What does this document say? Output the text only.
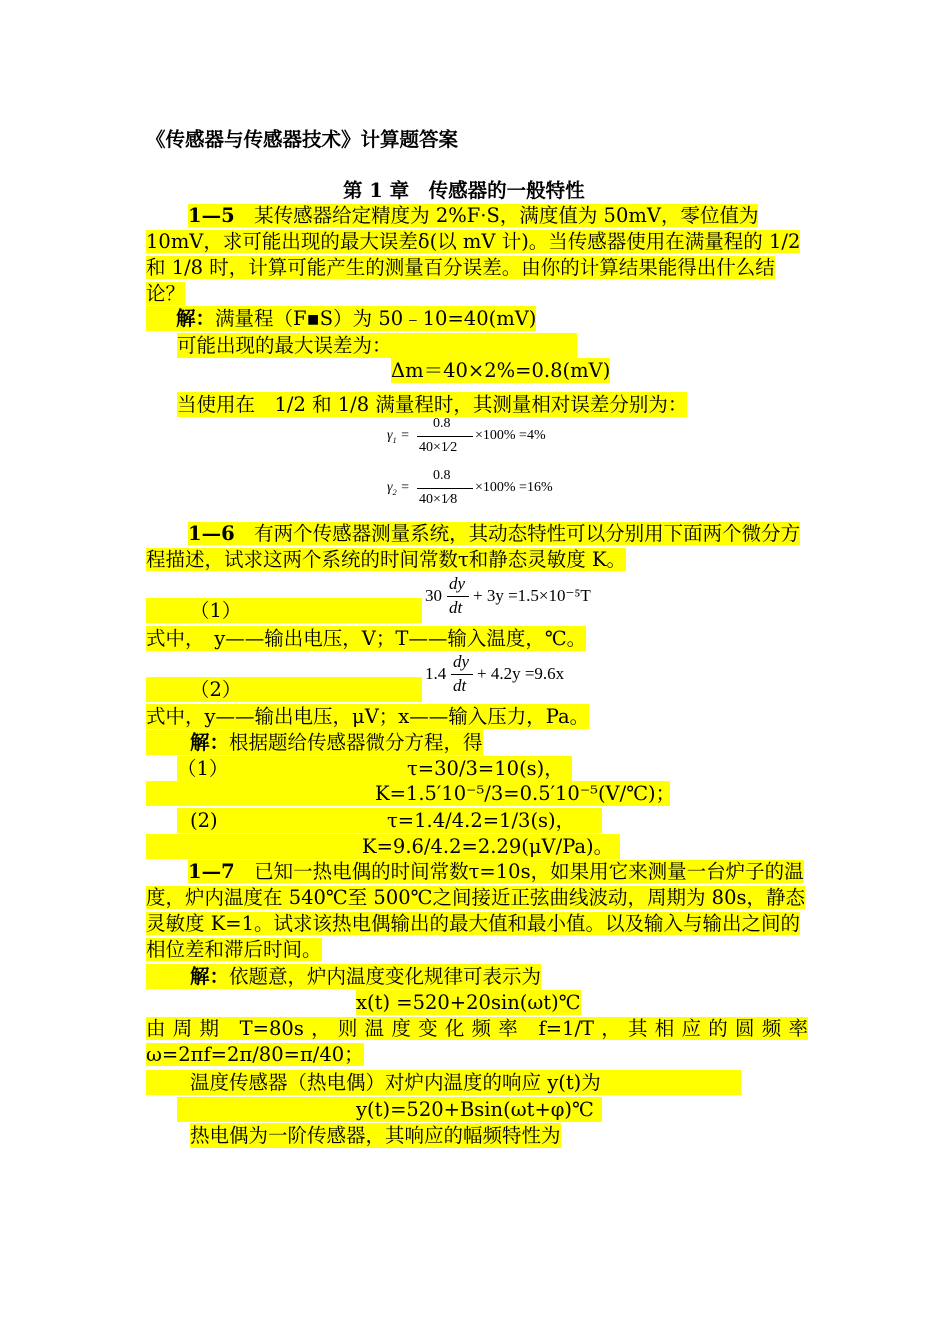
《传感器与传感器技术》计算题答案
第 1 章　传感器的一般特性
1—5　某传感器给定精度为 2%F·S，满度值为 50mV，零位值为 10mV，求可能出现的最大误差δ(以 mV 计)。当传感器使用在满量程的 1/2 和 1/8 时，计算可能产生的测量百分误差。由你的计算结果能得出什么结论？
解：满量程（F▪S）为 50﹣10=40(mV)
可能出现的最大误差为：　　　　　　　　　　
Δm＝40×2%=0.8(mV)
当使用在　1/2 和 1/8 满量程时，其测量相对误差分别为：
$\gamma_1$ =
0.8
40×1⁄2
×100% =4%
$\gamma_2$ =
0.8
40×1⁄8
×100% =16%
1—6　有两个传感器测量系统，其动态特性可以分别用下面两个微分方程描述，试求这两个系统的时间常数τ和静态灵敏度 K。
（1）
30
dy
dt
+ 3y =1.5×10⁻⁵T
式中，　y——输出电压，V；T——输入温度，℃。
（2）
1.4
dy
dt
+ 4.2y =9.6x
式中，y——输出电压，μV；x——输入压力，Pa。
解：根据题给传感器微分方程，得
（1）	τ=30/3=10(s)，
K=1.5′10⁻⁵/3=0.5′10⁻⁵(V/℃)；
(2)	τ=1.4/4.2=1/3(s)，
K=9.6/4.2=2.29(μV/Pa)。
1—7　已知一热电偶的时间常数τ=10s，如果用它来测量一台炉子的温度，炉内温度在 540℃至 500℃之间接近正弦曲线波动，周期为 80s，静态灵敏度 K=1。试求该热电偶输出的最大值和最小值。以及输入与输出之间的相位差和滞后时间。
解：依题意，炉内温度变化规律可表示为
x(t) =520+20sin(ωt)℃
由周期 T=80s，则温度变化频率 f=1/T，其相应的圆频率 ω=2πf=2π/80=π/40；
温度传感器（热电偶）对炉内温度的响应 y(t)为
y(t)=520+Bsin(ωt+φ)℃
热电偶为一阶传感器，其响应的幅频特性为
